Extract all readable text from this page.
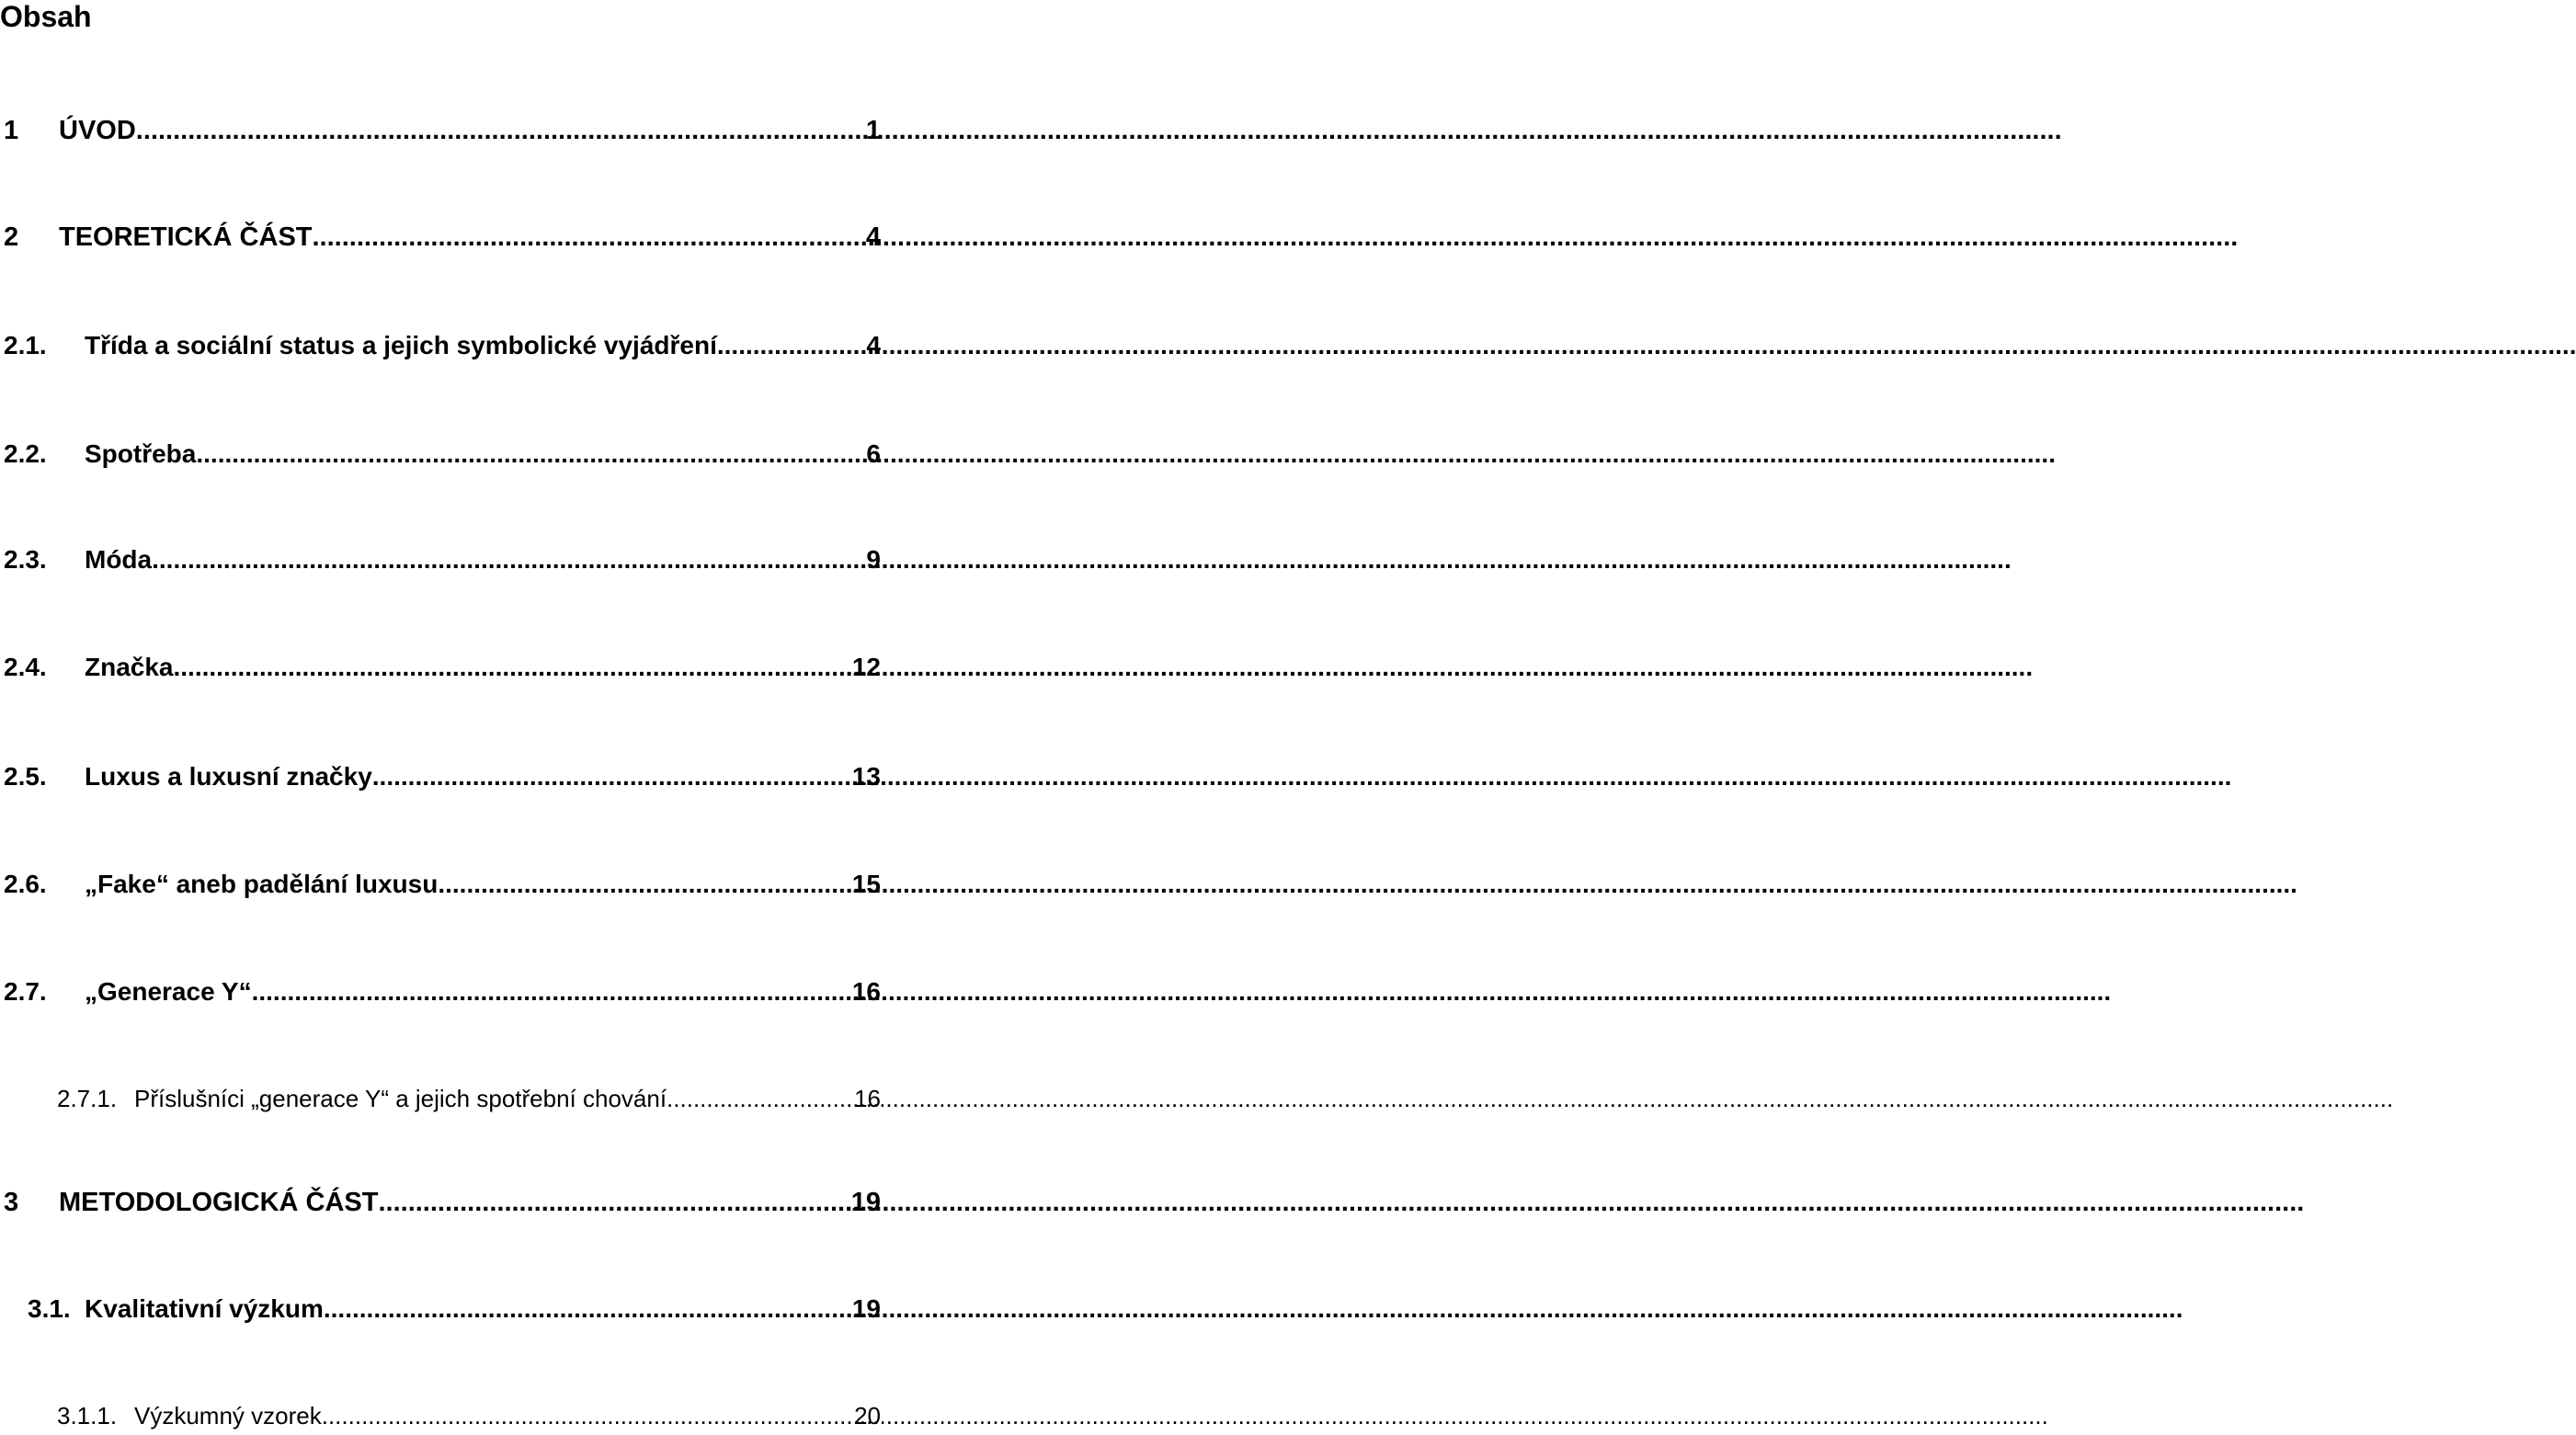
Obsah
1	ÚVOD .....	1
2	TEORETICKÁ ČÁST .....	4
2.1.	Třída a sociální status a jejich symbolické vyjádření .....	4
2.2.	Spotřeba .....	6
2.3.	Móda .....	9
2.4.	Značka .....	12
2.5.	Luxus a luxusní značky .....	13
2.6.	„Fake“ aneb padělání luxusu .....	15
2.7.	„Generace Y“ .....	16
2.7.1. Příslušníci „generace Y“ a jejich spotřební chování .....	16
3	METODOLOGICKÁ ČÁST .....	19
3.1. Kvalitativní výzkum .....	19
3.1.1. Výzkumný vzorek .....	20
